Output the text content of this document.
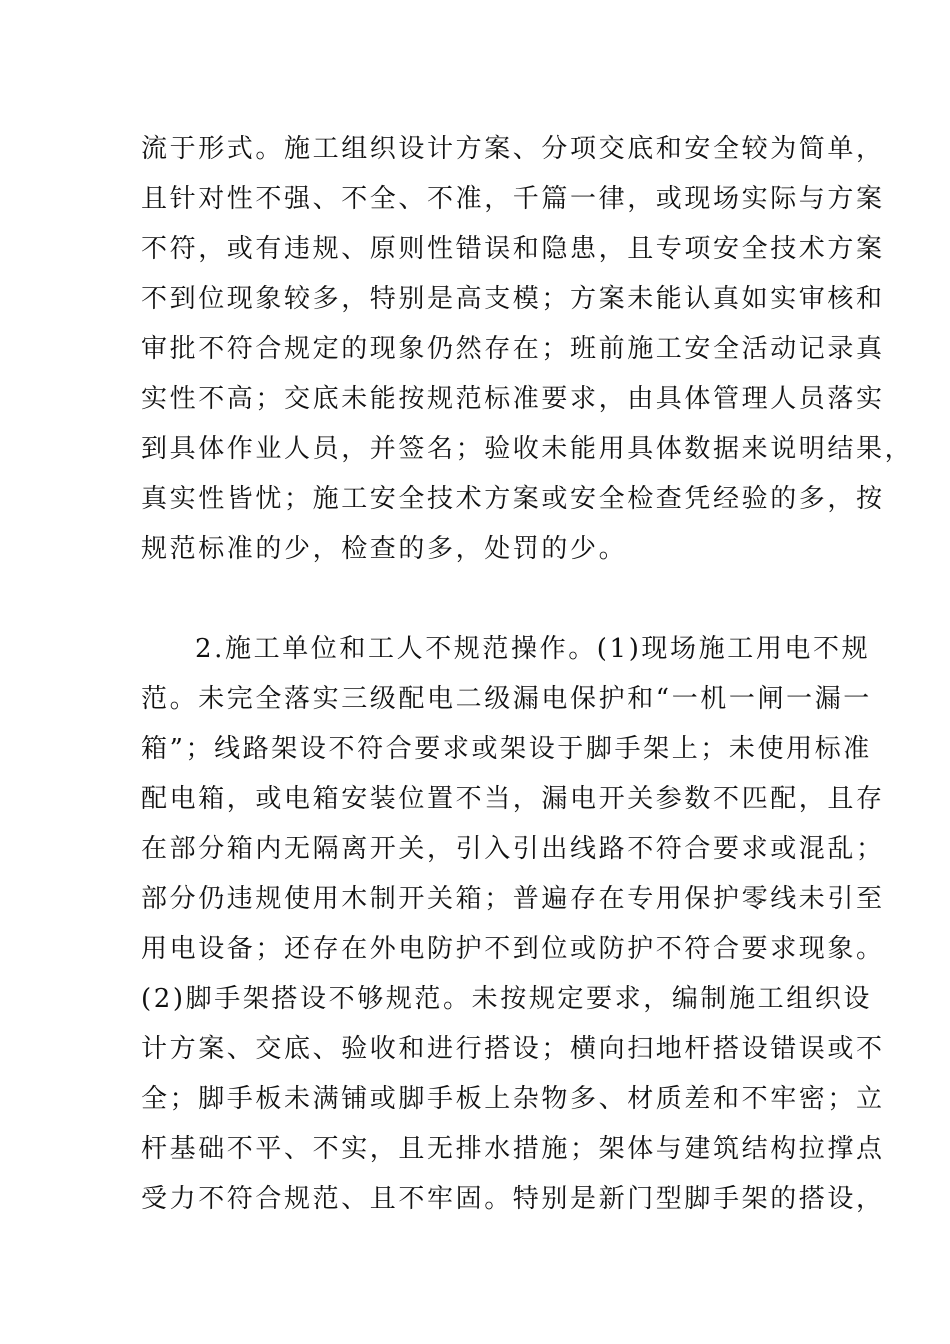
流于形式。施工组织设计方案、分项交底和安全较为简单，
且针对性不强、不全、不准，千篇一律，或现场实际与方案
不符，或有违规、原则性错误和隐患，且专项安全技术方案
不到位现象较多，特别是高支模；方案未能认真如实审核和
审批不符合规定的现象仍然存在；班前施工安全活动记录真
实性不高；交底未能按规范标准要求，由具体管理人员落实
到具体作业人员，并签名；验收未能用具体数据来说明结果，
真实性皆忧；施工安全技术方案或安全检查凭经验的多，按
规范标准的少，检查的多，处罚的少。
2.施工单位和工人不规范操作。(1)现场施工用电不规
范。未完全落实三级配电二级漏电保护和“一机一闸一漏一
箱”；线路架设不符合要求或架设于脚手架上；未使用标准
配电箱，或电箱安装位置不当，漏电开关参数不匹配，且存
在部分箱内无隔离开关，引入引出线路不符合要求或混乱；
部分仍违规使用木制开关箱；普遍存在专用保护零线未引至
用电设备；还存在外电防护不到位或防护不符合要求现象。
(2)脚手架搭设不够规范。未按规定要求，编制施工组织设
计方案、交底、验收和进行搭设；横向扫地杆搭设错误或不
全；脚手板未满铺或脚手板上杂物多、材质差和不牢密；立
杆基础不平、不实，且无排水措施；架体与建筑结构拉撑点
受力不符合规范、且不牢固。特别是新门型脚手架的搭设，
